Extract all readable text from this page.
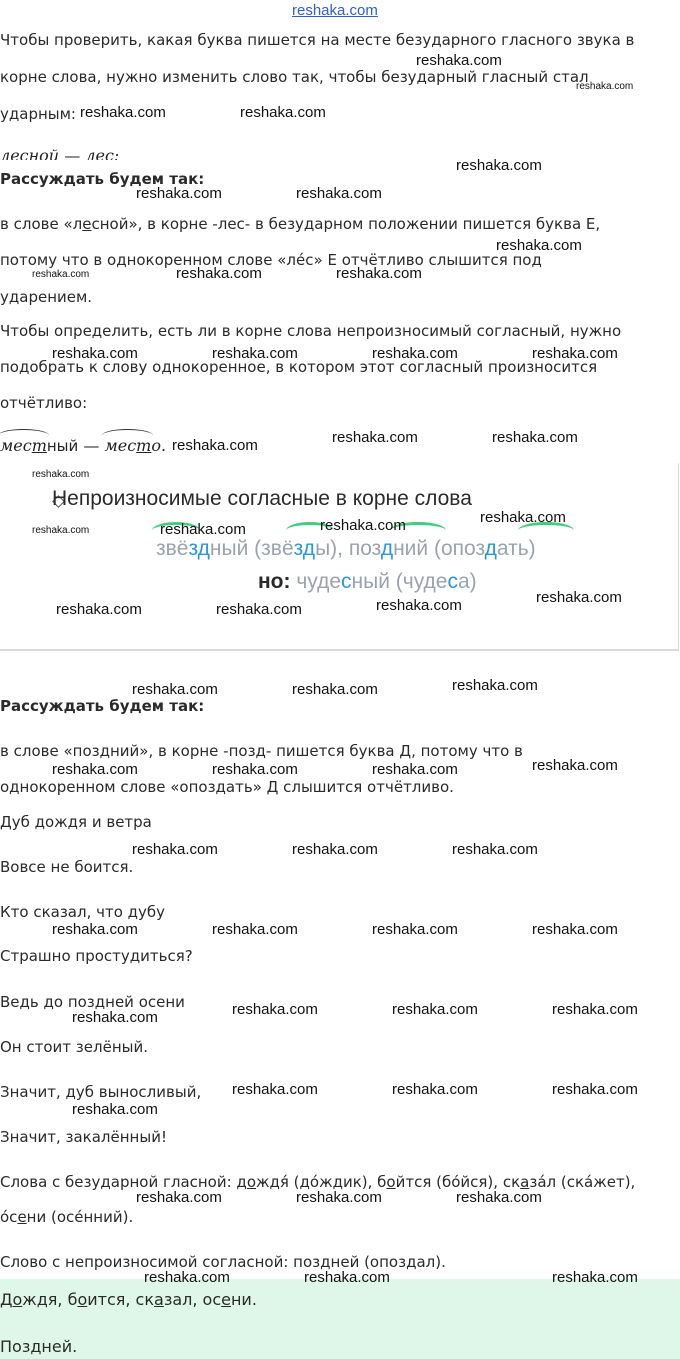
reshaka.com
Чтобы проверить, какая буква пишется на месте безударного гласного звука в
корне слова, нужно изменить слово так, чтобы безударный гласный стал
ударным:
лесной — лес:
Рассуждать будем так:
в слове «лесной», в корне -лес- в безударном положении пишется буква Е,
потому что в однокоренном слове «ле́с» Е отчётливо слышится под
ударением.
Чтобы определить, есть ли в корне слова непроизносимый согласный, нужно
подобрать к слову однокоренное, в котором этот согласный произносится
отчётливо:
местный — место.
Непроизносимые согласные в корне слова
звёздный (звёзды), поздний (опоздать)
но: чудесный (чудеса)
Рассуждать будем так:
в слове «поздний», в корне -позд- пишется буква Д, потому что в
однокоренном слове «опоздать» Д слышится отчётливо.
Дуб дождя и ветра
Вовсе не боится.
Кто сказал, что дубу
Страшно простудиться?
Ведь до поздней осени
Он стоит зелёный.
Значит, дуб выносливый,
Значит, закалённый!
Слова с безударной гласной: дождя́ (до́ждик), бойтся (бо́йся), сказа́л (ска́жет),
о́сени (осе́нний).
Слово с непроизносимой согласной: поздней (опоздал).
Дождя, боится, сказал, осени.
Поздней.
reshaka.com
reshaka.com
reshaka.com	reshaka.com
reshaka.com
reshaka.com	reshaka.com
reshaka.com
reshaka.com	reshaka.com	reshaka.com
reshaka.com	reshaka.com	reshaka.com	reshaka.com
reshaka.com	reshaka.com	reshaka.com
reshaka.com
reshaka.com	reshaka.com	reshaka.com	reshaka.com
reshaka.com	reshaka.com	reshaka.com	reshaka.com
reshaka.com	reshaka.com	reshaka.com
reshaka.com	reshaka.com	reshaka.com	reshaka.com
reshaka.com	reshaka.com	reshaka.com
reshaka.com	reshaka.com	reshaka.com	reshaka.com
reshaka.com	reshaka.com	reshaka.com	reshaka.com
reshaka.com	reshaka.com	reshaka.com
reshaka.com
reshaka.com	reshaka.com	reshaka.com
reshaka.com	reshaka.com	reshaka.com
